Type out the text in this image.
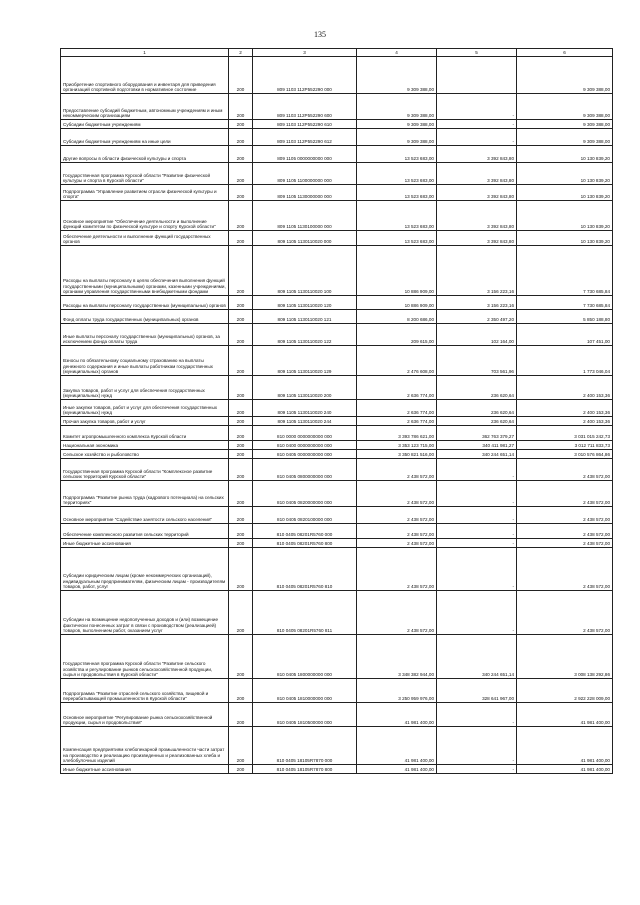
135
1	2	3	4	5	6
Приобретение спортивного оборудования и инвентаря для приведения организаций спортивной подготовки в нормативное состояние	200	809 1103 112P552290 000	9 309 388,00		9 309 388,00
Предоставление субсидий бюджетным, автономным учреждениям и иным некоммерческим организациям	200	809 1103 112P552290 600	9 309 388,00	-	9 309 388,00
Субсидии бюджетным учреждениям	200	809 1103 112P552290 610	9 309 388,00	-	9 309 388,00
Субсидии бюджетным учреждениям на иные цели	200	809 1103 112P552290 612	9 309 388,00	-	9 309 388,00
Другие вопросы в области физической культуры и спорта	200	809 1105 0000000000 000	13 523 683,00	3 392 843,80	10 130 839,20
Государственная программа Курской области "Развитие физической культуры и спорта в Курской области"	200	809 1105 1100000000 000	13 523 683,00	3 392 843,80	10 130 839,20
Подпрограмма "Управление развитием отрасли физической культуры и спорта"	200	809 1105 1130000000 000	13 523 683,00	3 392 843,80	10 130 839,20
Основное мероприятие "Обеспечение деятельности и выполнение функций комитетом по физической культуре и спорту Курской области"	200	809 1105 1130100000 000	13 523 683,00	3 392 843,80	10 130 839,20
Обеспечение деятельности и выполнение функций государственных органов	200	809 1105 1130110020 000	13 523 683,00	3 392 843,80	10 130 839,20
Расходы на выплаты персоналу в целях обеспечения выполнения функций государственными (муниципальными) органами, казенными учреждениями, органами управления государственными внебюджетными фондами	200	809 1105 1130110020 100	10 886 909,00	3 156 223,16	7 730 685,84
Расходы на выплаты персоналу государственных (муниципальных) органов	200	809 1105 1130110020 120	10 886 909,00	3 156 223,16	7 730 685,84
Фонд оплаты труда государственных (муниципальных) органов	200	809 1105 1130110020 121	8 200 686,00	2 350 497,20	5 850 188,80
Иные выплаты персоналу государственных (муниципальных) органов, за исключением фонда оплаты труда	200	809 1105 1130110020 122	209 615,00	102 164,00	107 451,00
Взносы по обязательному социальному страхованию на выплаты денежного содержания и иные выплаты работникам государственных (муниципальных) органов	200	809 1105 1130110020 129	2 476 608,00	703 561,96	1 773 046,04
Закупка товаров, работ и услуг для обеспечения государственных (муниципальных) нужд	200	809 1105 1130110020 200	2 636 774,00	236 620,64	2 400 153,36
Иные закупки товаров, работ и услуг для обеспечения государственных (муниципальных) нужд	200	809 1105 1130110020 240	2 636 774,00	236 620,64	2 400 153,36
Прочая закупка товаров, работ и услуг	200	809 1105 1130110020 244	2 636 774,00	236 620,64	2 400 153,36
Комитет агропромышленного комплекса Курской области	200	810 0000 0000000000 000	3 393 786 621,00	362 763 379,27	3 031 015 242,73
Национальная экономика	200	810 0400 0000000000 000	3 353 123 715,00	340 411 981,27	3 012 711 833,73
Сельское хозяйство и рыболовство	200	810 0405 0000000000 000	3 350 821 516,00	340 244 651,14	3 010 576 864,86
Государственная программа Курской области "Комплексное развитие сельских территорий Курской области"	200	810 0405 0800000000 000	2 438 572,00	-	2 438 572,00
Подпрограмма "Развитие рынка труда (кадрового потенциала) на сельских территориях"	200	810 0405 0820000000 000	2 438 572,00	-	2 438 572,00
Основное мероприятие "Содействие занятости сельского населения"	200	810 0405 0820100000 000	2 438 572,00	-	2 438 572,00
Обеспечение комплексного развития сельских территорий	200	810 0405 08201R5760 000	2 438 572,00	-	2 438 572,00
Иные бюджетные ассигнования	200	810 0405 08201R5760 800	2 438 572,00	-	2 438 572,00
Субсидии юридическим лицам (кроме некоммерческих организаций), индивидуальным предпринимателям, физическим лицам - производителям товаров, работ, услуг	200	810 0405 08201R5760 810	2 438 572,00	-	2 438 572,00
Субсидии на возмещение недополученных доходов и (или) возмещение фактически понесенных затрат в связи с производством (реализацией) товаров, выполнением работ, оказанием услуг	200	810 0405 08201R5760 811	2 438 572,00	-	2 438 572,00
Государственная программа Курской области "Развитие сельского хозяйства и регулирование рынков сельскохозяйственной продукции, сырья и продовольствия в Курской области"	200	810 0405 1800000000 000	3 348 382 944,00	340 244 651,14	3 008 138 292,86
Подпрограмма "Развитие отраслей сельского хозяйства, пищевой и перерабатывающей промышленности в Курской области"	200	810 0405 1810000000 000	3 250 959 976,00	328 641 967,00	2 922 228 009,00
Основное мероприятие "Регулирование рынка сельскохозяйственной продукции, сырья и продовольствия"	200	810 0405 1810500000 000	41 981 400,00	-	41 981 400,00
Компенсация предприятиям хлебопекарной промышленности части затрат на производство и реализацию произведенных и реализованных хлеба и хлебобулочных изделий	200	810 0405 18105R7870 000	41 981 400,00	-	41 981 400,00
Иные бюджетные ассигнования	200	810 0405 18105R7870 800	41 981 400,00	-	41 981 400,00
